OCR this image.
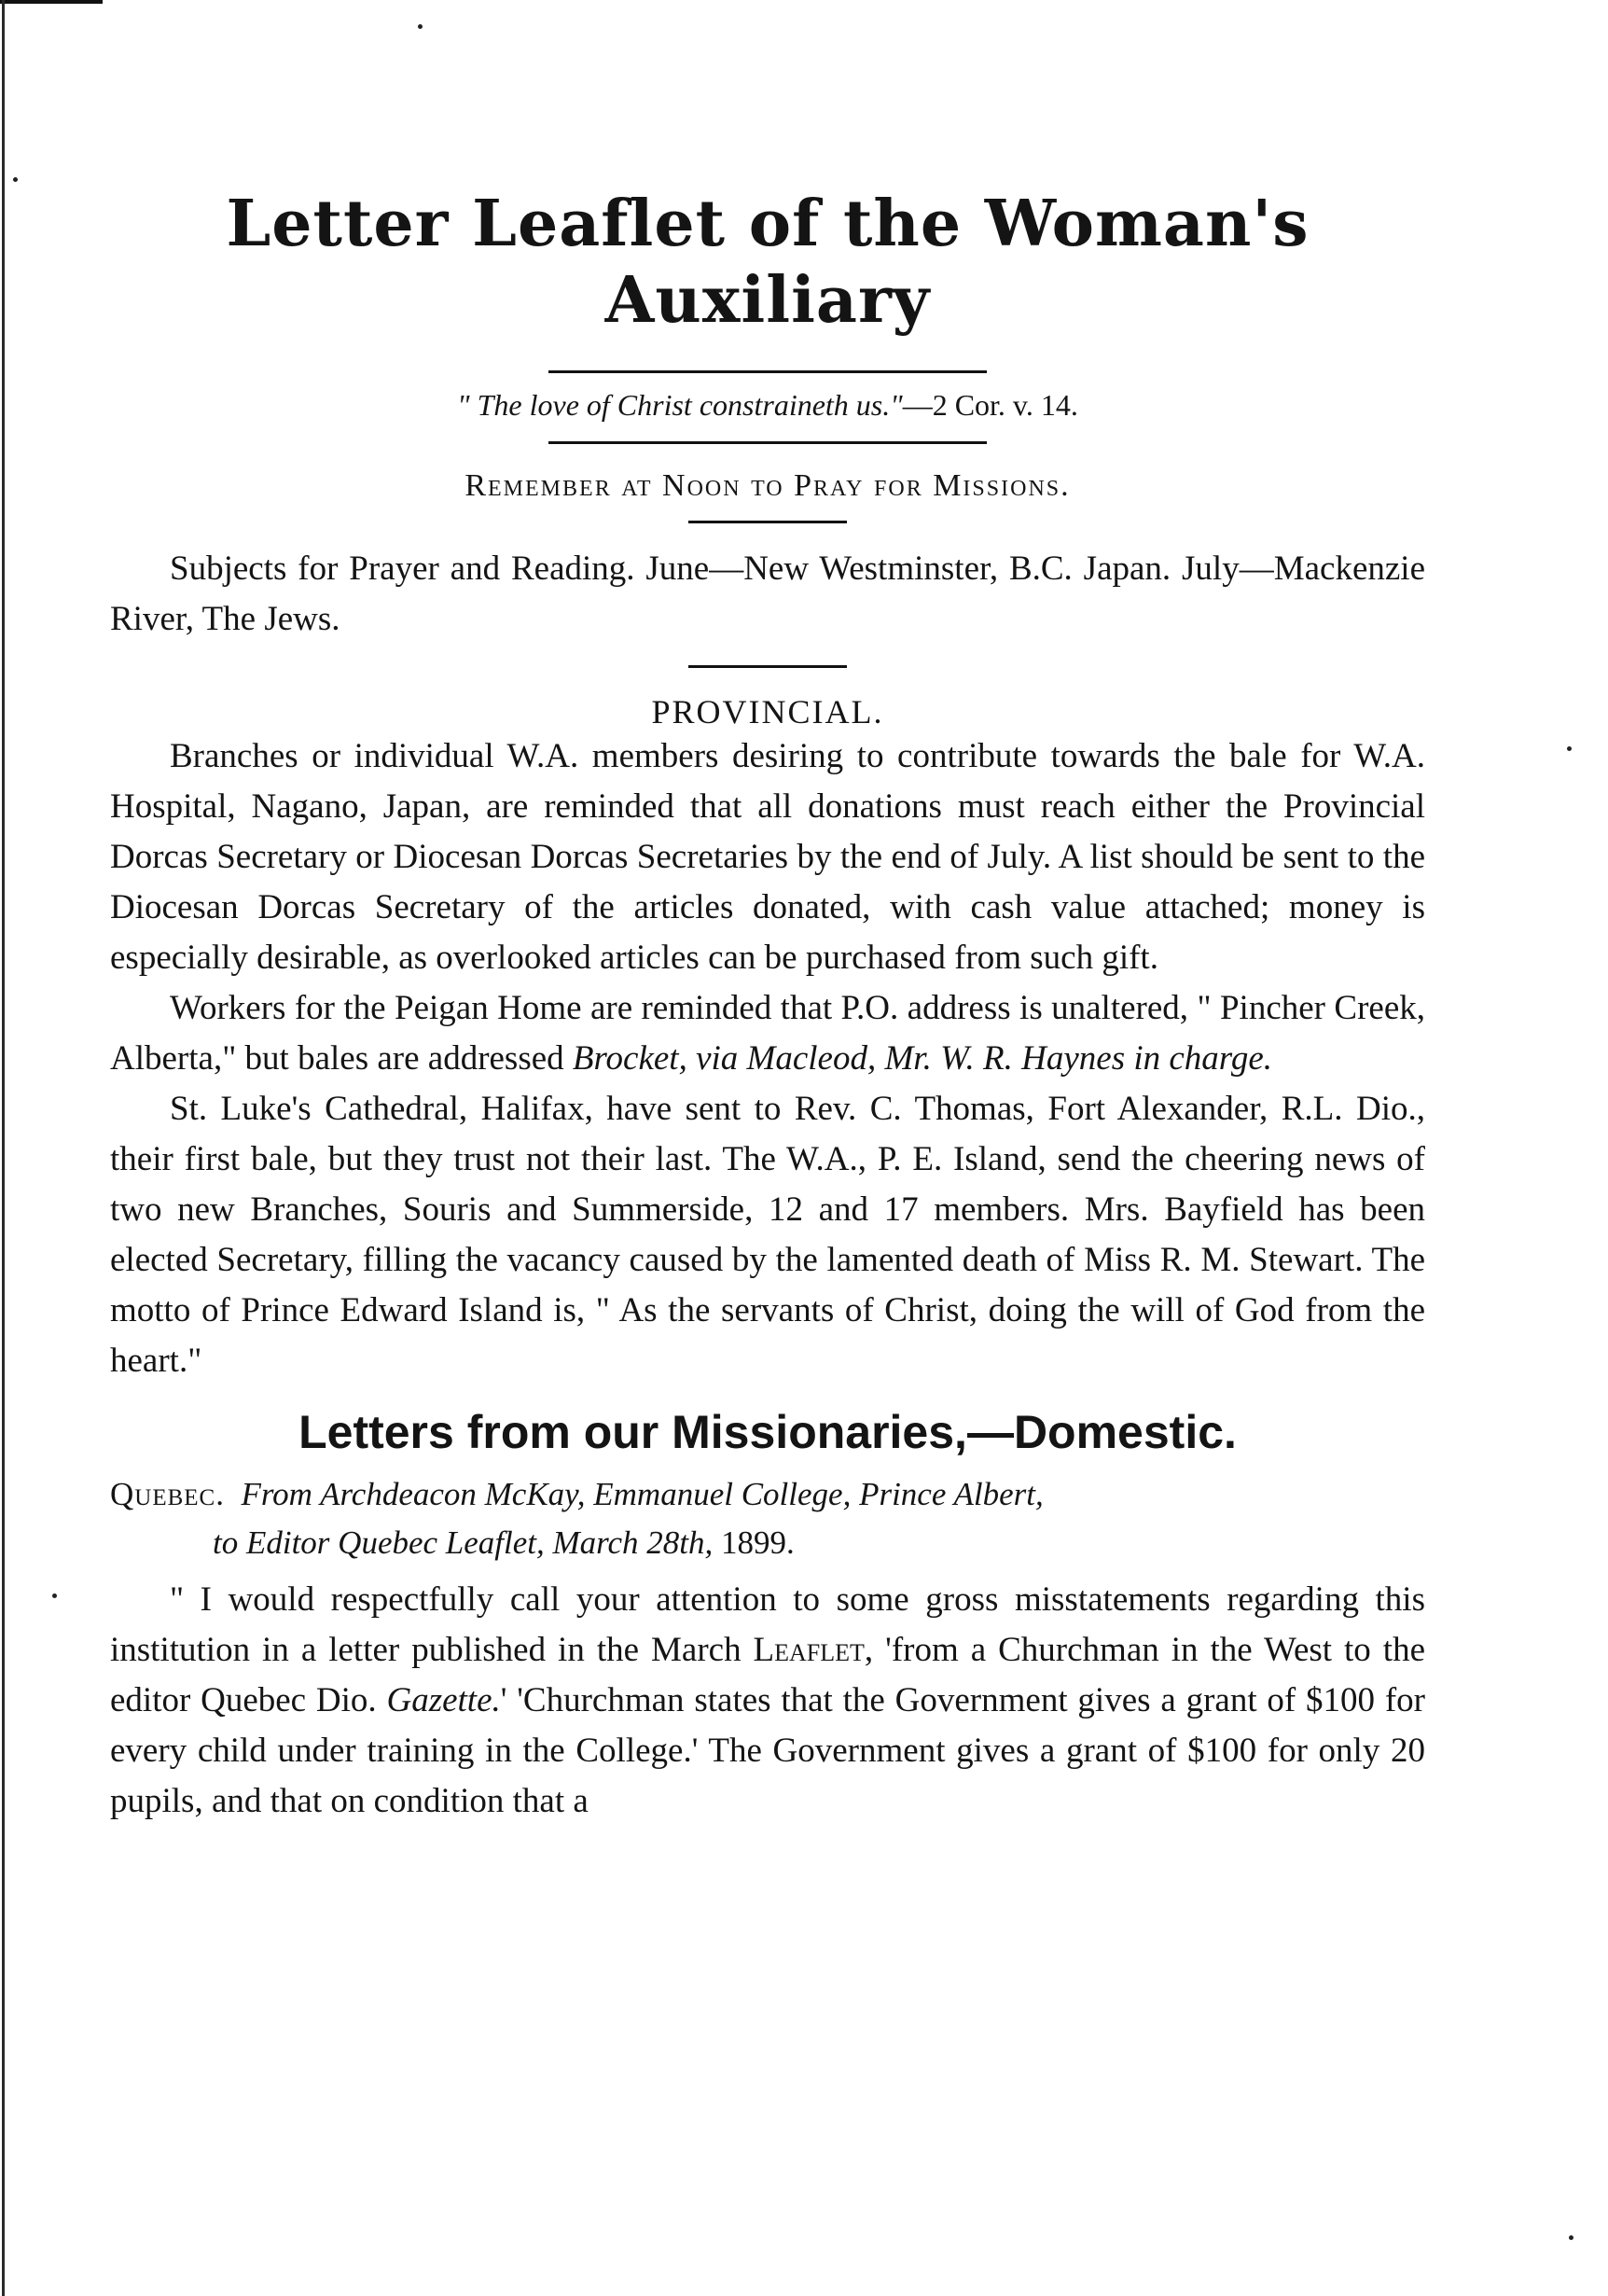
Letter Leaflet of the Woman's Auxiliary
" The love of Christ constraineth us."—2 Cor. v. 14.
Remember at Noon to Pray for Missions.

Subjects for Prayer and Reading. June—New Westminster, B.C. Japan. July—Mackenzie River, The Jews.

PROVINCIAL.

Branches or individual W.A. members desiring to contribute towards the bale for W.A. Hospital, Nagano, Japan, are reminded that all donations must reach either the Provincial Dorcas Secretary or Diocesan Dorcas Secretaries by the end of July. A list should be sent to the Diocesan Dorcas Secretary of the articles donated, with cash value attached; money is especially desirable, as overlooked articles can be purchased from such gift.

Workers for the Peigan Home are reminded that P.O. address is unaltered, " Pincher Creek, Alberta," but bales are addressed Brocket, via Macleod, Mr. W. R. Haynes in charge.

St. Luke's Cathedral, Halifax, have sent to Rev. C. Thomas, Fort Alexander, R.L. Dio., their first bale, but they trust not their last. The W.A., P. E. Island, send the cheering news of two new Branches, Souris and Summerside, 12 and 17 members. Mrs. Bayfield has been elected Secretary, filling the vacancy caused by the lamented death of Miss R. M. Stewart. The motto of Prince Edward Island is, " As the servants of Christ, doing the will of God from the heart."

Letters from our Missionaries,—Domestic.
Quebec. From Archdeacon McKay, Emmanuel College, Prince Albert,
to Editor Quebec Leaflet, March 28th, 1899.

" I would respectfully call your attention to some gross misstatements regarding this institution in a letter published in the March Leaflet, 'from a Churchman in the West to the editor Quebec Dio. Gazette.' 'Churchman states that the Government gives a grant of $100 for every child under training in the College.' The Government gives a grant of $100 for only 20 pupils, and that on condition that a
